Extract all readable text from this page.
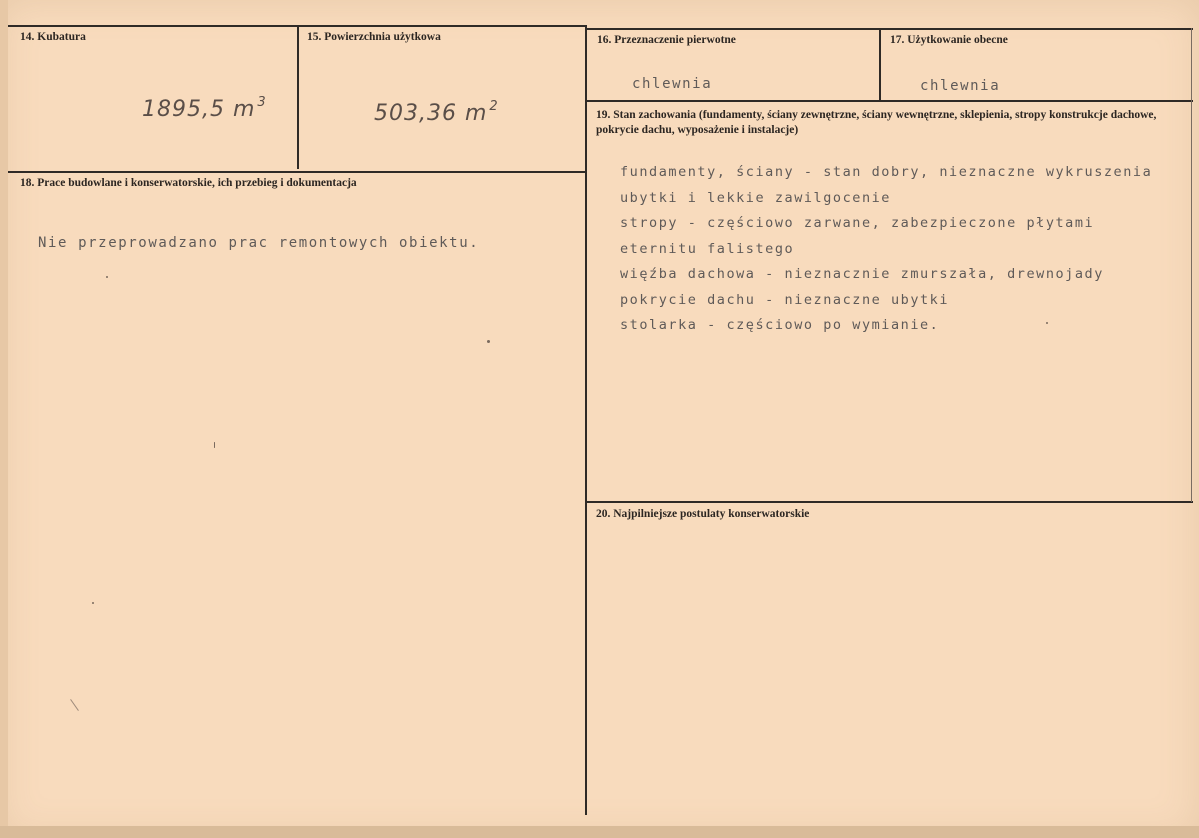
14. Kubatura
1895,5 m $^3$
15. Powierzchnia użytkowa
503,36 m $^2$
16. Przeznaczenie pierwotne
chlewnia
17. Użytkowanie obecne
chlewnia
18. Prace budowlane i konserwatorskie, ich przebieg i dokumentacja
Nie przeprowadzano prac remontowych obiektu.
19. Stan zachowania (fundamenty, ściany zewnętrzne, ściany wewnętrzne, sklepienia, stropy konstrukcje dachowe, pokrycie dachu, wyposażenie i instalacje)
fundamenty, ściany - stan dobry, nieznaczne wykruszenia
ubytki i lekkie zawilgocenie
stropy - częściowo zarwane, zabezpieczone płytami
eternitu falistego
więźba dachowa - nieznacznie zmurszała, drewnojady
pokrycie dachu - nieznaczne ubytki
stolarka - częściowo po wymianie.
20. Najpilniejsze postulaty konserwatorskie
